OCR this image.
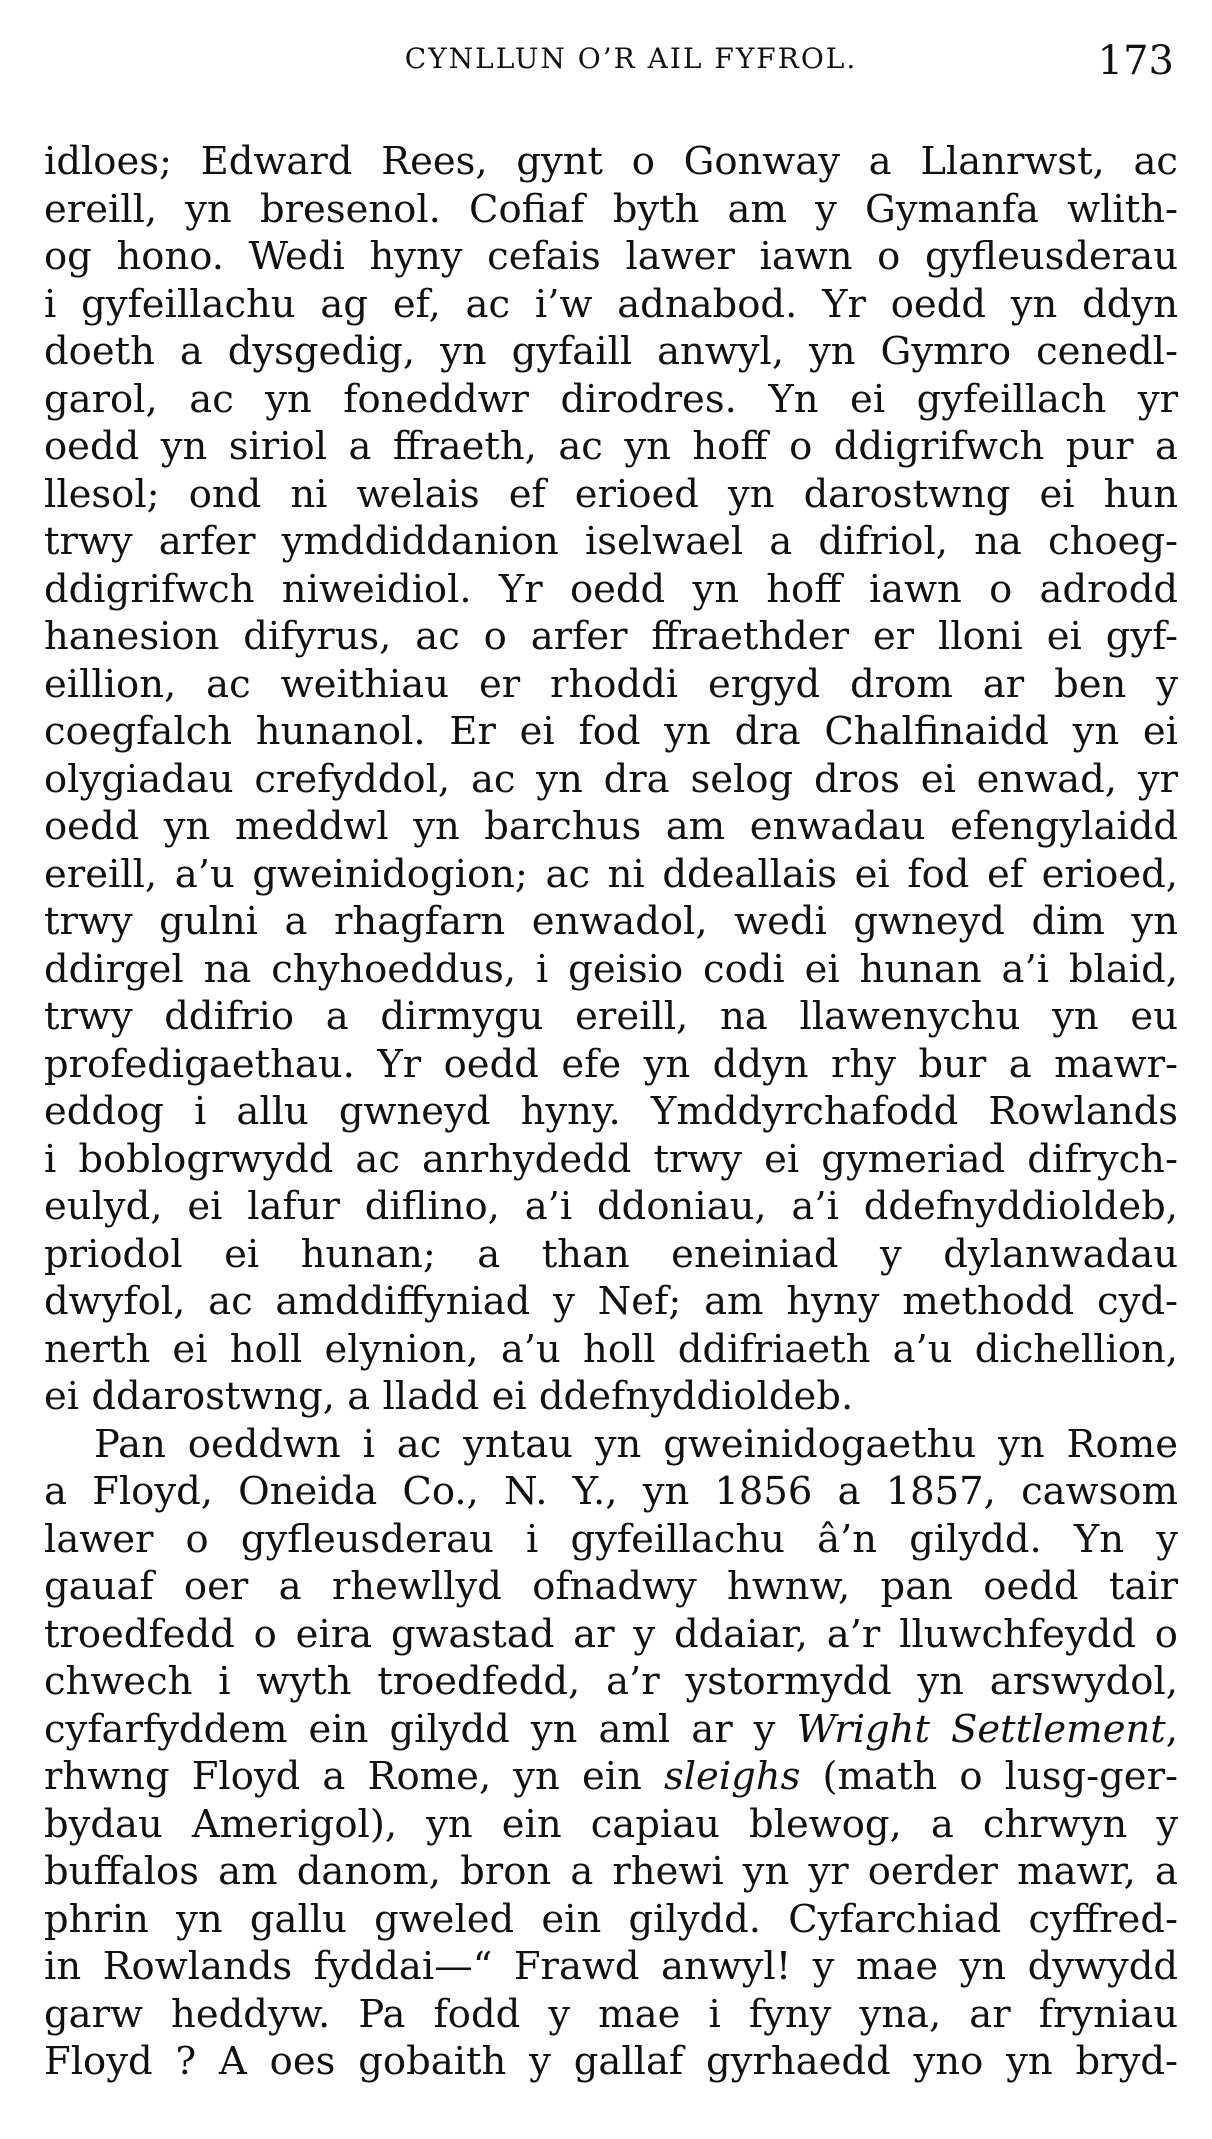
CYNLLUN O’R AIL FYFROL.	173
idloes; Edward Rees, gynt o Gonway a Llanrwst, ac
ereill, yn bresenol. Cofiaf byth am y Gymanfa wlith-
og hono. Wedi hyny cefais lawer iawn o gyfleusderau
i gyfeillachu ag ef, ac i’w adnabod. Yr oedd yn ddyn
doeth a dysgedig, yn gyfaill anwyl, yn Gymro cenedl-
garol, ac yn foneddwr dirodres. Yn ei gyfeillach yr
oedd yn siriol a ffraeth, ac yn hoff o ddigrifwch pur a
llesol; ond ni welais ef erioed yn darostwng ei hun
trwy arfer ymddiddanion iselwael a difriol, na choeg-
ddigrifwch niweidiol. Yr oedd yn hoff iawn o adrodd
hanesion difyrus, ac o arfer ffraethder er lloni ei gyf-
eillion, ac weithiau er rhoddi ergyd drom ar ben y
coegfalch hunanol. Er ei fod yn dra Chalfinaidd yn ei
olygiadau crefyddol, ac yn dra selog dros ei enwad, yr
oedd yn meddwl yn barchus am enwadau efengylaidd
ereill, a’u gweinidogion; ac ni ddeallais ei fod ef erioed,
trwy gulni a rhagfarn enwadol, wedi gwneyd dim yn
ddirgel na chyhoeddus, i geisio codi ei hunan a’i blaid,
trwy ddifrio a dirmygu ereill, na llawenychu yn eu
profedigaethau. Yr oedd efe yn ddyn rhy bur a mawr-
eddog i allu gwneyd hyny. Ymddyrchafodd Rowlands
i boblogrwydd ac anrhydedd trwy ei gymeriad difrych-
eulyd, ei lafur diflino, a’i ddoniau, a’i ddefnyddioldeb,
priodol ei hunan; a than eneiniad y dylanwadau
dwyfol, ac amddiffyniad y Nef; am hyny methodd cyd-
nerth ei holl elynion, a’u holl ddifriaeth a’u dichellion,
ei ddarostwng, a lladd ei ddefnyddioldeb.
Pan oeddwn i ac yntau yn gweinidogaethu yn Rome
a Floyd, Oneida Co., N. Y., yn 1856 a 1857, cawsom
lawer o gyfleusderau i gyfeillachu â’n gilydd. Yn y
gauaf oer a rhewllyd ofnadwy hwnw, pan oedd tair
troedfedd o eira gwastad ar y ddaiar, a’r lluwchfeydd o
chwech i wyth troedfedd, a’r ystormydd yn arswydol,
cyfarfyddem ein gilydd yn aml ar y Wright Settlement,
rhwng Floyd a Rome, yn ein sleighs (math o lusg-ger-
bydau Amerigol), yn ein capiau blewog, a chrwyn y
buffalos am danom, bron a rhewi yn yr oerder mawr, a
phrin yn gallu gweled ein gilydd. Cyfarchiad cyffred-
in Rowlands fyddai—“ Frawd anwyl! y mae yn dywydd
garw heddyw. Pa fodd y mae i fyny yna, ar fryniau
Floyd ? A oes gobaith y gallaf gyrhaedd yno yn bryd-
